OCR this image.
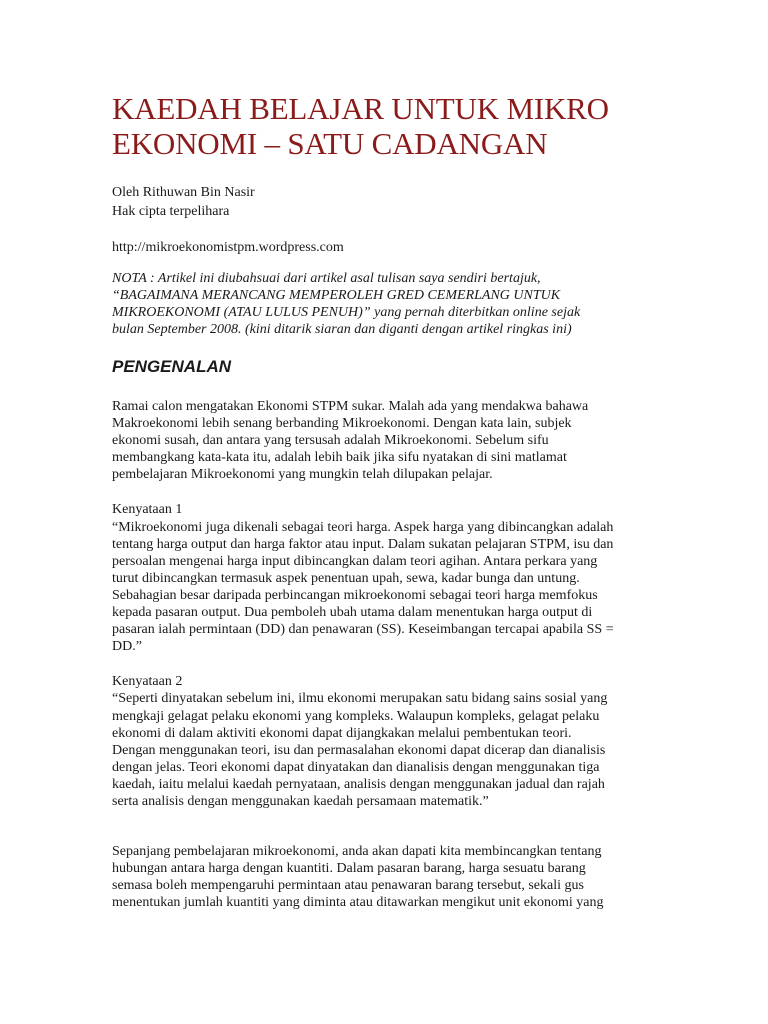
KAEDAH BELAJAR UNTUK MIKRO
EKONOMI – SATU CADANGAN
Oleh Rithuwan Bin Nasir
Hak cipta terpelihara
http://mikroekonomistpm.wordpress.com
NOTA : Artikel ini diubahsuai dari artikel asal tulisan saya sendiri bertajuk,
“BAGAIMANA MERANCANG MEMPEROLEH GRED CEMERLANG UNTUK
MIKROEKONOMI (ATAU LULUS PENUH)” yang pernah diterbitkan online sejak
bulan September 2008. (kini ditarik siaran dan diganti dengan artikel ringkas ini)
PENGENALAN
Ramai calon mengatakan Ekonomi STPM sukar. Malah ada yang mendakwa bahawa
Makroekonomi lebih senang berbanding Mikroekonomi. Dengan kata lain, subjek
ekonomi susah, dan antara yang tersusah adalah Mikroekonomi. Sebelum sifu
membangkang kata-kata itu, adalah lebih baik jika sifu nyatakan di sini matlamat
pembelajaran Mikroekonomi yang mungkin telah dilupakan pelajar.
Kenyataan 1
“Mikroekonomi juga dikenali sebagai teori harga. Aspek harga yang dibincangkan adalah
tentang harga output dan harga faktor atau input. Dalam sukatan pelajaran STPM, isu dan
persoalan mengenai harga input dibincangkan dalam teori agihan. Antara perkara yang
turut dibincangkan termasuk aspek penentuan upah, sewa, kadar bunga dan untung.
Sebahagian besar daripada perbincangan mikroekonomi sebagai teori harga memfokus
kepada pasaran output. Dua pemboleh ubah utama dalam menentukan harga output di
pasaran ialah permintaan (DD) dan penawaran (SS). Keseimbangan tercapai apabila SS =
DD.”
Kenyataan 2
“Seperti dinyatakan sebelum ini, ilmu ekonomi merupakan satu bidang sains sosial yang
mengkaji gelagat pelaku ekonomi yang kompleks. Walaupun kompleks, gelagat pelaku
ekonomi di dalam aktiviti ekonomi dapat dijangkakan melalui pembentukan teori.
Dengan menggunakan teori, isu dan permasalahan ekonomi dapat dicerap dan dianalisis
dengan jelas. Teori ekonomi dapat dinyatakan dan dianalisis dengan menggunakan tiga
kaedah, iaitu melalui kaedah pernyataan, analisis dengan menggunakan jadual dan rajah
serta analisis dengan menggunakan kaedah persamaan matematik.”
Sepanjang pembelajaran mikroekonomi, anda akan dapati kita membincangkan tentang
hubungan antara harga dengan kuantiti. Dalam pasaran barang, harga sesuatu barang
semasa boleh mempengaruhi permintaan atau penawaran barang tersebut, sekali gus
menentukan jumlah kuantiti yang diminta atau ditawarkan mengikut unit ekonomi yang
